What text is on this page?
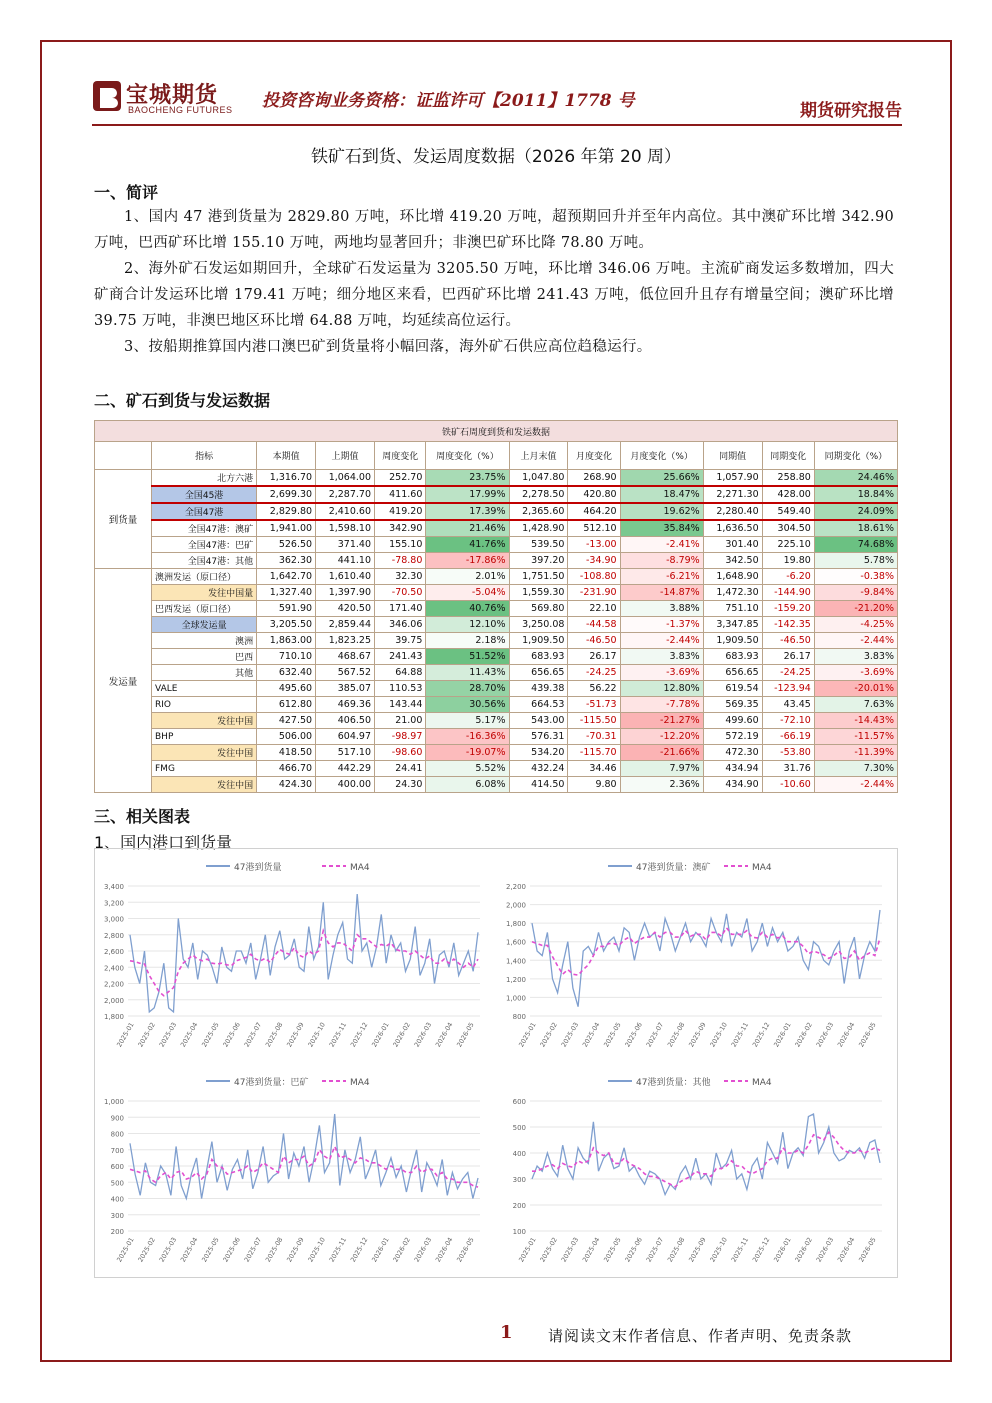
宝城期货
BAOCHENG FUTURES 投资咨询业务资格：证监许可【2011】1778 号	期货研究报告
铁矿石到货、发运周度数据（2026 年第 20 周）
一、简评
1、国内 47 港到货量为 2829.80 万吨，环比增 419.20 万吨，超预期回升并至年内高位。其中澳矿环比增 342.90 万吨，巴西矿环比增 155.10 万吨，两地均显著回升；非澳巴矿环比降 78.80 万吨。
2、海外矿石发运如期回升，全球矿石发运量为 3205.50 万吨，环比增 346.06 万吨。主流矿商发运多数增加，四大矿商合计发运环比增 179.41 万吨；细分地区来看，巴西矿环比增 241.43 万吨，低位回升且存有增量空间；澳矿环比增 39.75 万吨，非澳巴地区环比增 64.88 万吨，均延续高位运行。
3、按船期推算国内港口澳巴矿到货量将小幅回落，海外矿石供应高位趋稳运行。
二、矿石到货与发运数据
铁矿石周度到货和发运数据											
	指标	本期值	上期值	周度变化	周度变化（%）	上月末值	月度变化	月度变化（%）	同期值	同期变化	同期变化（%）
到货量	北方六港	1,316.70	1,064.00	252.70	23.75%	1,047.80	268.90	25.66%	1,057.90	258.80	24.46%
	全国45港	2,699.30	2,287.70	411.60	17.99%	2,278.50	420.80	18.47%	2,271.30	428.00	18.84%
	全国47港	2,829.80	2,410.60	419.20	17.39%	2,365.60	464.20	19.62%	2,280.40	549.40	24.09%
	全国47港：澳矿	1,941.00	1,598.10	342.90	21.46%	1,428.90	512.10	35.84%	1,636.50	304.50	18.61%
	全国47港：巴矿	526.50	371.40	155.10	41.76%	539.50	-13.00	-2.41%	301.40	225.10	74.68%
	全国47港：其他	362.30	441.10	-78.80	-17.86%	397.20	-34.90	-8.79%	342.50	19.80	5.78%
发运量	澳洲发运（原口径）	1,642.70	1,610.40	32.30	2.01%	1,751.50	-108.80	-6.21%	1,648.90	-6.20	-0.38%
	发往中国量	1,327.40	1,397.90	-70.50	-5.04%	1,559.30	-231.90	-14.87%	1,472.30	-144.90	-9.84%
	巴西发运（原口径）	591.90	420.50	171.40	40.76%	569.80	22.10	3.88%	751.10	-159.20	-21.20%
	全球发运量	3,205.50	2,859.44	346.06	12.10%	3,250.08	-44.58	-1.37%	3,347.85	-142.35	-4.25%
	澳洲	1,863.00	1,823.25	39.75	2.18%	1,909.50	-46.50	-2.44%	1,909.50	-46.50	-2.44%
	巴西	710.10	468.67	241.43	51.52%	683.93	26.17	3.83%	683.93	26.17	3.83%
	其他	632.40	567.52	64.88	11.43%	656.65	-24.25	-3.69%	656.65	-24.25	-3.69%
	VALE	495.60	385.07	110.53	28.70%	439.38	56.22	12.80%	619.54	-123.94	-20.01%
	RIO	612.80	469.36	143.44	30.56%	664.53	-51.73	-7.78%	569.35	43.45	7.63%
	发往中国	427.50	406.50	21.00	5.17%	543.00	-115.50	-21.27%	499.60	-72.10	-14.43%
	BHP	506.00	604.97	-98.97	-16.36%	576.31	-70.31	-12.20%	572.19	-66.19	-11.57%
	发往中国	418.50	517.10	-98.60	-19.07%	534.20	-115.70	-21.66%	472.30	-53.80	-11.39%
	FMG	466.70	442.29	24.41	5.52%	432.24	34.46	7.97%	434.94	31.76	7.30%
	发往中国	424.30	400.00	24.30	6.08%	414.50	9.80	2.36%	434.90	-10.60	-2.44%
三、相关图表
1、国内港口到货量
47港到货量	MA4
1,800
2,000
2,200
2,400
2,600
2,800
3,000
3,200
3,400
2025-01 2025-02 2025-03 2025-04 2025-05 2025-06 2025-07 2025-08 2025-09 2025-10 2025-11 2025-12 2026-01 2026-02 2026-03 2026-04 2026-05
47港到货量：澳矿	MA4
800
1,000
1,200
1,400
1,600
1,800
2,000
2,200
2025-01 2025-02 2025-03 2025-04 2025-05 2025-06 2025-07 2025-08 2025-09 2025-10 2025-11 2025-12 2026-01 2026-02 2026-03 2026-04 2026-05
47港到货量：巴矿	MA4
200
300
400
500
600
700
800
900
1,000
2025-01 2025-02 2025-03 2025-04 2025-05 2025-06 2025-07 2025-08 2025-09 2025-10 2025-11 2025-12 2026-01 2026-02 2026-03 2026-04 2026-05
47港到货量：其他	MA4
100
200
300
400
500
600
2025-01 2025-02 2025-03 2025-04 2025-05 2025-06 2025-07 2025-08 2025-09 2025-10 2025-11 2025-12 2026-01 2026-02 2026-03 2026-04 2026-05
1 请阅读文末作者信息、作者声明、免责条款
